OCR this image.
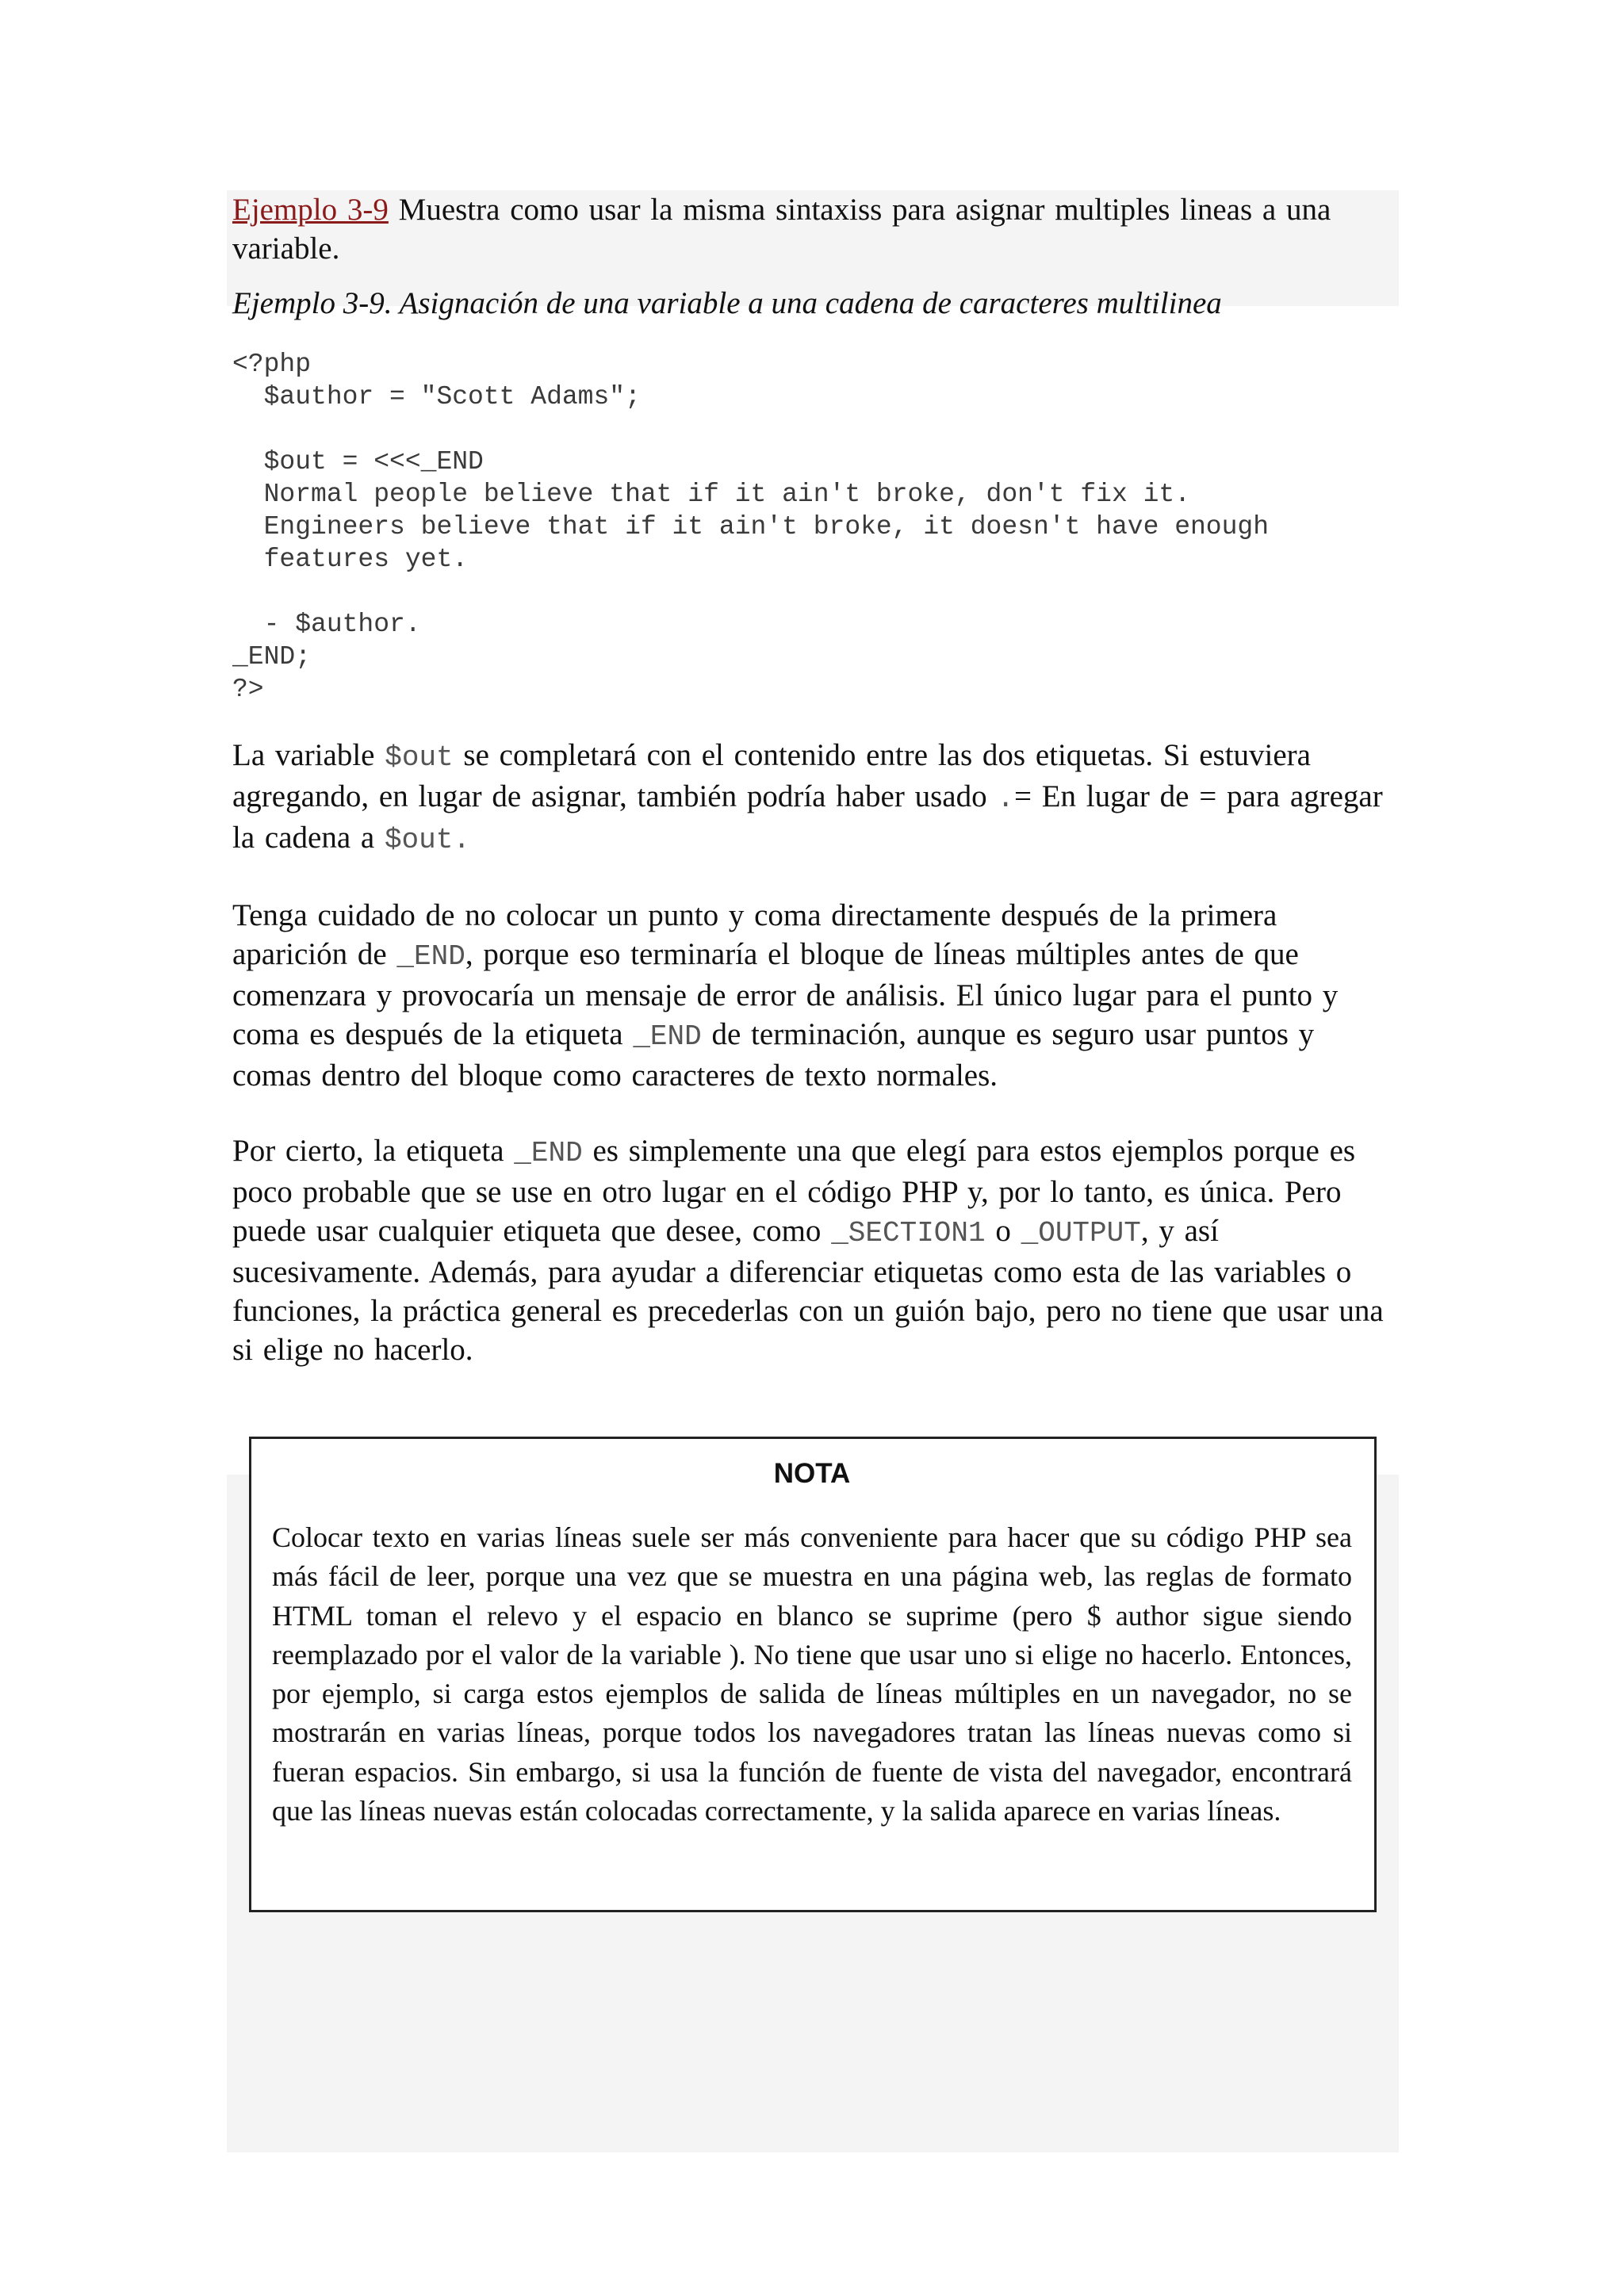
Ejemplo 3-9 Muestra como usar la misma sintaxiss para asignar multiples lineas a una variable.

Ejemplo 3-9. Asignación de una variable a una cadena de caracteres multilinea

<?php
$author = "Scott Adams";

$out = <<<_END
Normal people believe that if it ain't broke, don't fix it.
Engineers believe that if it ain't broke, it doesn't have enough
features yet.

- $author.
_END;
?>

La variable $out se completará con el contenido entre las dos etiquetas. Si estuviera agregando, en lugar de asignar, también podría haber usado .= En lugar de = para agregar la cadena a $out.

Tenga cuidado de no colocar un punto y coma directamente después de la primera aparición de _END, porque eso terminaría el bloque de líneas múltiples antes de que comenzara y provocaría un mensaje de error de análisis. El único lugar para el punto y coma es después de la etiqueta _END de terminación, aunque es seguro usar puntos y comas dentro del bloque como caracteres de texto normales.

Por cierto, la etiqueta _END es simplemente una que elegí para estos ejemplos porque es poco probable que se use en otro lugar en el código PHP y, por lo tanto, es única. Pero puede usar cualquier etiqueta que desee, como _SECTION1 o _OUTPUT, y así sucesivamente. Además, para ayudar a diferenciar etiquetas como esta de las variables o funciones, la práctica general es precederlas con un guión bajo, pero no tiene que usar una si elige no hacerlo.

NOTA

Colocar texto en varias líneas suele ser más conveniente para hacer que su código PHP sea más fácil de leer, porque una vez que se muestra en una página web, las reglas de formato HTML toman el relevo y el espacio en blanco se suprime (pero $ author sigue siendo reemplazado por el valor de la variable ). No tiene que usar uno si elige no hacerlo. Entonces, por ejemplo, si carga estos ejemplos de salida de líneas múltiples en un navegador, no se mostrarán en varias líneas, porque todos los navegadores tratan las líneas nuevas como si fueran espacios. Sin embargo, si usa la función de fuente de vista del navegador, encontrará que las líneas nuevas están colocadas correctamente, y la salida aparece en varias líneas.
